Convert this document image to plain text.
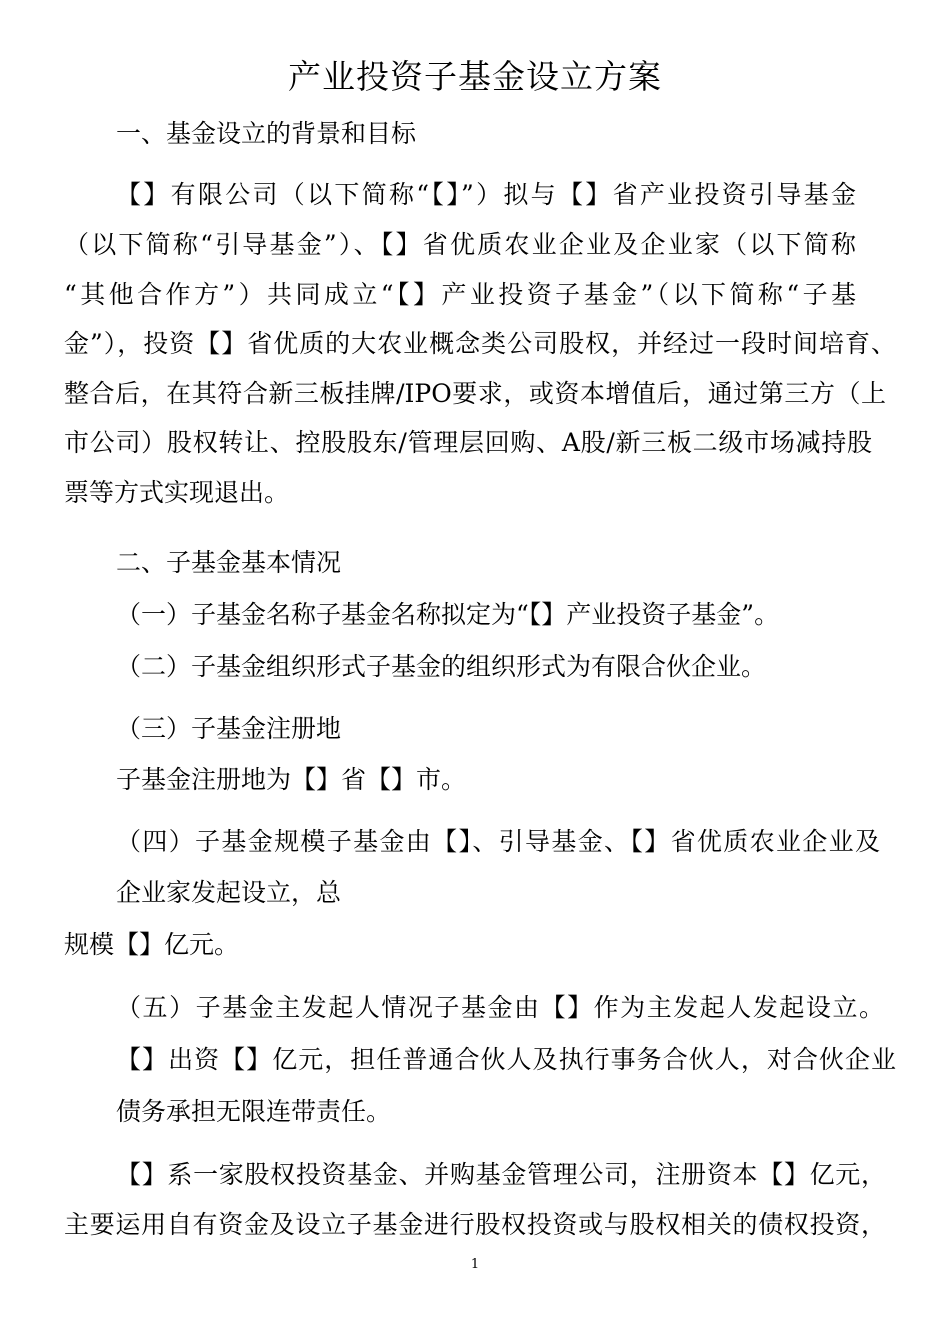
产业投资子基金设立方案
一、基金设立的背景和目标
【】有限公司（以下简称“【】”）拟与【】省产业投资引导基金
（以下简称“引导基金”）、【】省优质农业企业及企业家（以下简称
“其他合作方”）共同成立“【】产业投资子基金”（以下简称“子基
金”），投资【】省优质的大农业概念类公司股权，并经过一段时间培育、
整合后，在其符合新三板挂牌/IPO要求，或资本增值后，通过第三方（上
市公司）股权转让、控股股东/管理层回购、A股/新三板二级市场减持股
票等方式实现退出。
二、子基金基本情况
（一）子基金名称子基金名称拟定为“【】产业投资子基金”。
（二）子基金组织形式子基金的组织形式为有限合伙企业。
（三）子基金注册地
子基金注册地为【】省【】市。
（四）子基金规模子基金由【】、引导基金、【】省优质农业企业及
企业家发起设立，总
规模【】亿元。
（五）子基金主发起人情况子基金由【】作为主发起人发起设立。
【】出资【】亿元，担任普通合伙人及执行事务合伙人，对合伙企业
债务承担无限连带责任。
【】系一家股权投资基金、并购基金管理公司，注册资本【】亿元，
主要运用自有资金及设立子基金进行股权投资或与股权相关的债权投资，
1
